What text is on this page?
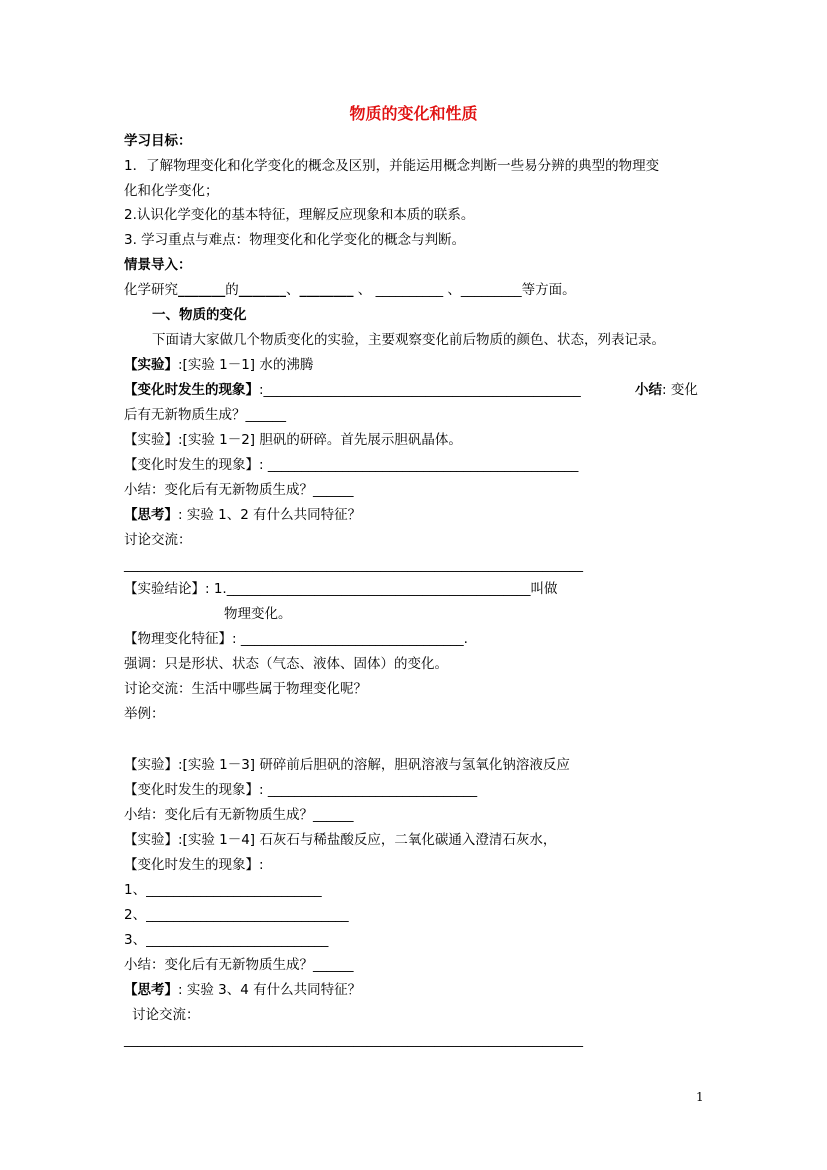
物质的变化和性质
学习目标：
1．了解物理变化和化学变化的概念及区别，并能运用概念判断一些易分辨的典型的物理变
化和化学变化；
2.认识化学变化的基本特征，理解反应现象和本质的联系。
3. 学习重点与难点：物理变化和化学变化的概念与判断。
情景导入：
化学研究_______的_______、________ 、 __________ 、_________等方面。
一、物质的变化
下面请大家做几个物质变化的实验，主要观察变化前后物质的颜色、状态，列表记录。
【实验】:[实验 1－1] 水的沸腾
【变化时发生的现象】:_______________________________________________	小结: 变化
后有无新物质生成？______
【实验】:[实验 1－2] 胆矾的研碎。首先展示胆矾晶体。
【变化时发生的现象】: ______________________________________________
小结：变化后有无新物质生成？______
【思考】: 实验 1、2 有什么共同特征？
讨论交流：
____________________________________________________________________
【实验结论】: 1._____________________________________________叫做
物理变化。
【物理变化特征】: _________________________________.
强调：只是形状、状态（气态、液体、固体）的变化。
讨论交流：生活中哪些属于物理变化呢？
举例：
【实验】:[实验 1－3] 研碎前后胆矾的溶解，胆矾溶液与氢氧化钠溶液反应
【变化时发生的现象】: _______________________________
小结：变化后有无新物质生成？______
【实验】:[实验 1－4] 石灰石与稀盐酸反应，二氧化碳通入澄清石灰水，
【变化时发生的现象】:
1、__________________________
2、______________________________
3、___________________________
小结：变化后有无新物质生成？______
【思考】: 实验 3、4 有什么共同特征？
讨论交流：
____________________________________________________________________
1
